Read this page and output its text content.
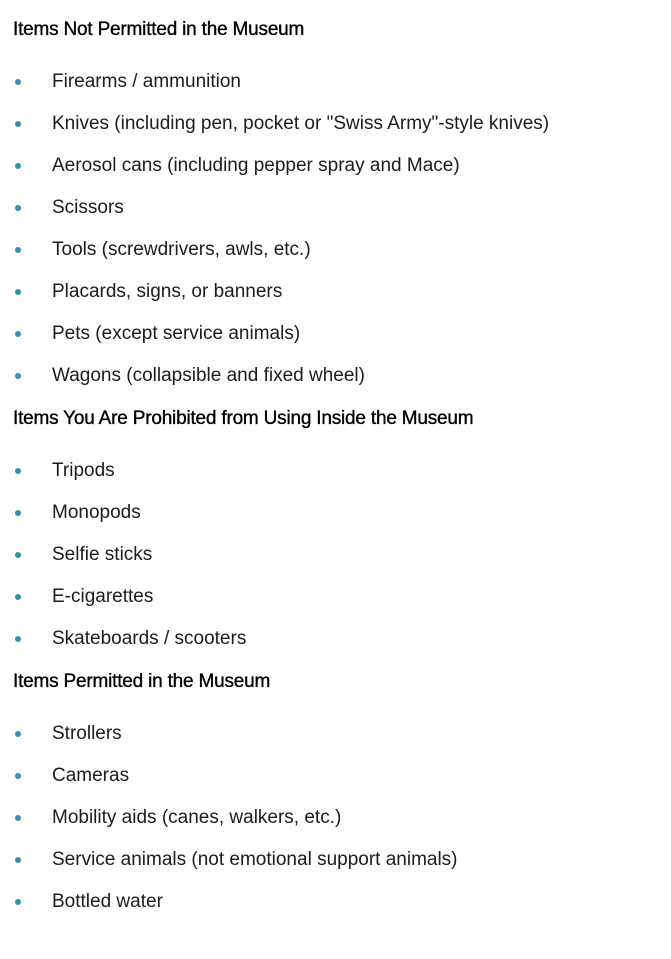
Items Not Permitted in the Museum
Firearms / ammunition
Knives (including pen, pocket or "Swiss Army"-style knives)
Aerosol cans (including pepper spray and Mace)
Scissors
Tools (screwdrivers, awls, etc.)
Placards, signs, or banners
Pets (except service animals)
Wagons (collapsible and fixed wheel)
Items You Are Prohibited from Using Inside the Museum
Tripods
Monopods
Selfie sticks
E-cigarettes
Skateboards / scooters
Items Permitted in the Museum
Strollers
Cameras
Mobility aids (canes, walkers, etc.)
Service animals (not emotional support animals)
Bottled water
